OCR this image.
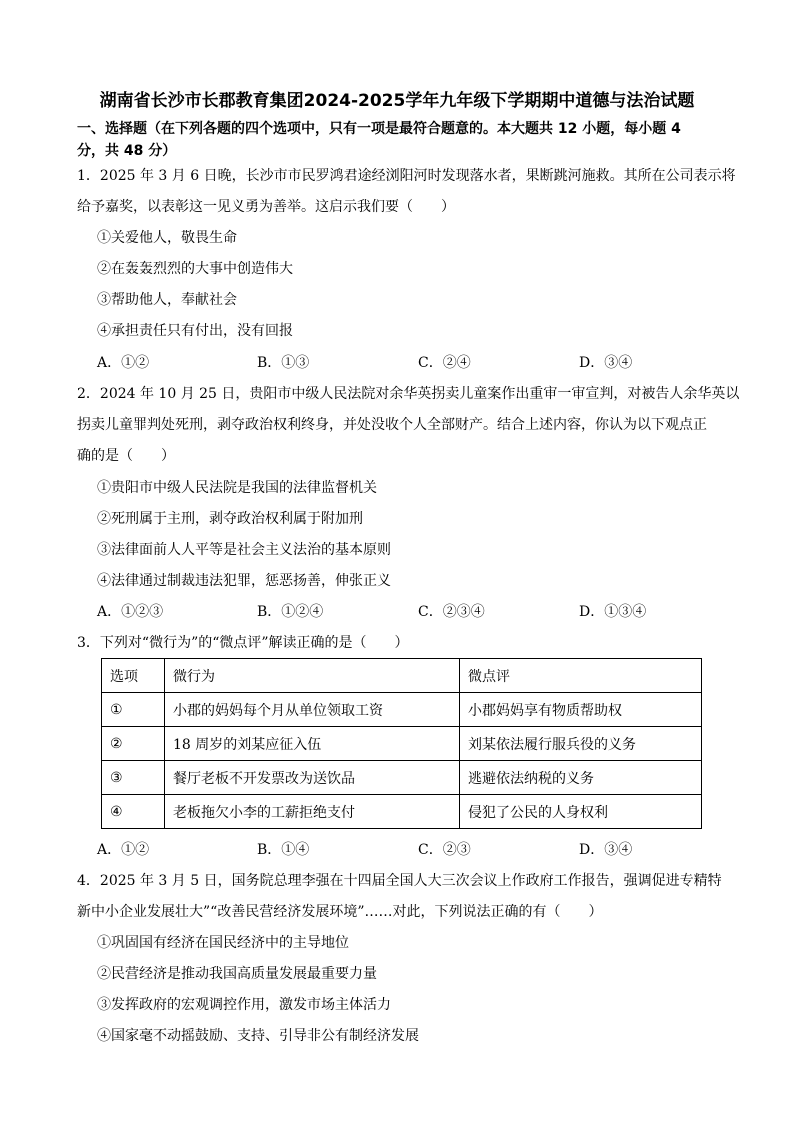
湖南省长沙市长郡教育集团2024-2025学年九年级下学期期中道德与法治试题
一、选择题（在下列各题的四个选项中，只有一项是最符合题意的。本大题共 12 小题，每小题 4
分，共 48 分）
1．2025 年 3 月 6 日晚，长沙市市民罗鸿君途经浏阳河时发现落水者，果断跳河施救。其所在公司表示将
给予嘉奖，以表彰这一见义勇为善举。这启示我们要（　　）
①关爱他人，敬畏生命
②在轰轰烈烈的大事中创造伟大
③帮助他人，奉献社会
④承担责任只有付出，没有回报
A．①②	B．①③	C．②④	D．③④
2．2024 年 10 月 25 日，贵阳市中级人民法院对余华英拐卖儿童案作出重审一审宣判，对被告人余华英以
拐卖儿童罪判处死刑，剥夺政治权利终身，并处没收个人全部财产。结合上述内容，你认为以下观点正
确的是（　　）
①贵阳市中级人民法院是我国的法律监督机关
②死刑属于主刑，剥夺政治权利属于附加刑
③法律面前人人平等是社会主义法治的基本原则
④法律通过制裁违法犯罪，惩恶扬善，伸张正义
A．①②③	B．①②④	C．②③④	D．①③④
3．下列对“微行为”的“微点评”解读正确的是（　　）
选项	微行为	微点评
①	小郡的妈妈每个月从单位领取工资	小郡妈妈享有物质帮助权
②	18 周岁的刘某应征入伍	刘某依法履行服兵役的义务
③	餐厅老板不开发票改为送饮品	逃避依法纳税的义务
④	老板拖欠小李的工薪拒绝支付	侵犯了公民的人身权利
A．①②	B．①④	C．②③	D．③④
4．2025 年 3 月 5 日，国务院总理李强在十四届全国人大三次会议上作政府工作报告，强调促进专精特
新中小企业发展壮大”“改善民营经济发展环境”……对此，下列说法正确的有（　　）
①巩固国有经济在国民经济中的主导地位
②民营经济是推动我国高质量发展最重要力量
③发挥政府的宏观调控作用，激发市场主体活力
④国家毫不动摇鼓励、支持、引导非公有制经济发展
